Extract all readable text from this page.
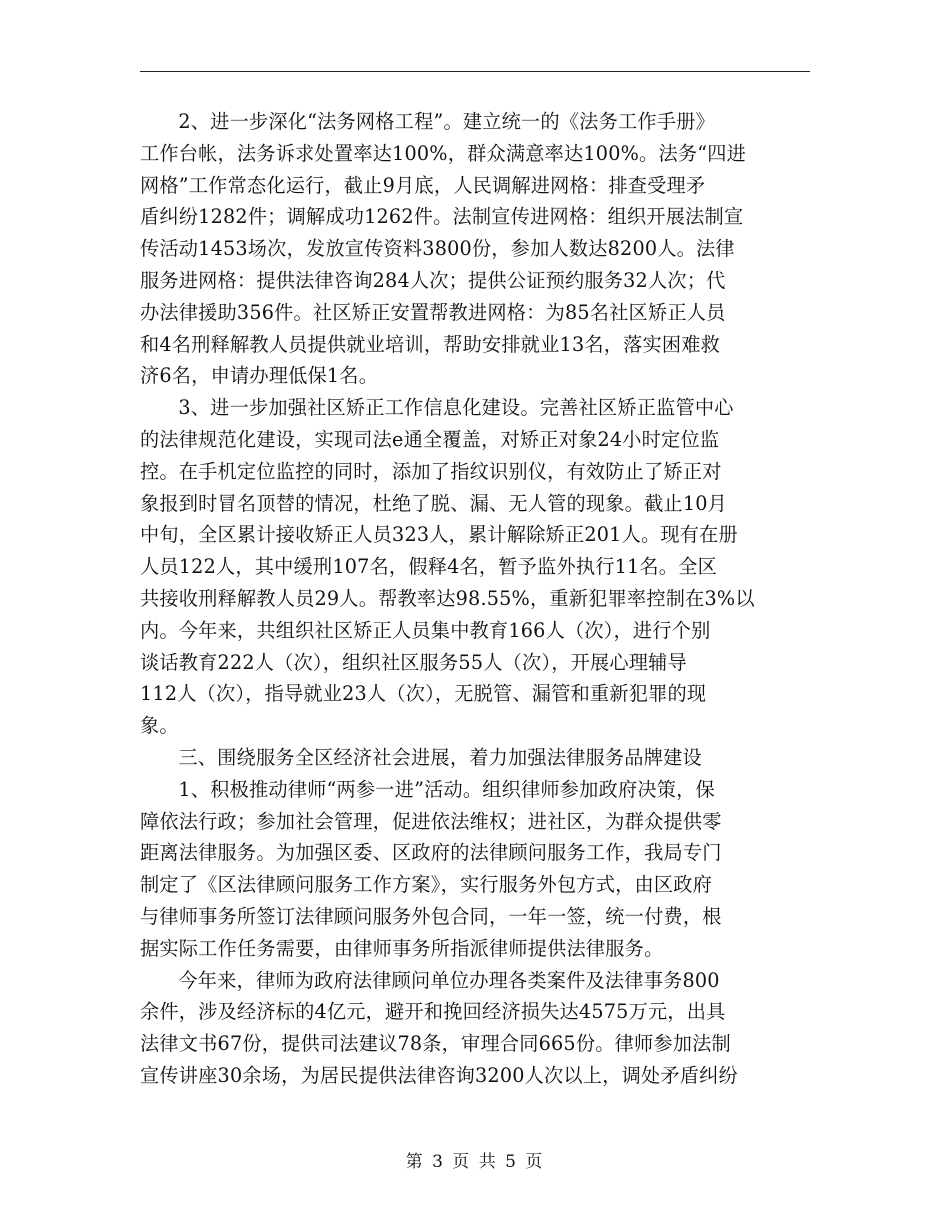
2、进一步深化“法务网格工程”。建立统一的《法务工作手册》
工作台帐，法务诉求处置率达100%，群众满意率达100%。法务“四进
网格”工作常态化运行，截止9月底，人民调解进网格：排查受理矛
盾纠纷1282件；调解成功1262件。法制宣传进网格：组织开展法制宣
传活动1453场次，发放宣传资料3800份，参加人数达8200人。法律
服务进网格：提供法律咨询284人次；提供公证预约服务32人次；代
办法律援助356件。社区矫正安置帮教进网格：为85名社区矫正人员
和4名刑释解教人员提供就业培训，帮助安排就业13名，落实困难救
济6名，申请办理低保1名。

3、进一步加强社区矫正工作信息化建设。完善社区矫正监管中心
的法律规范化建设，实现司法e通全覆盖，对矫正对象24小时定位监
控。在手机定位监控的同时，添加了指纹识别仪，有效防止了矫正对
象报到时冒名顶替的情况，杜绝了脱、漏、无人管的现象。截止10月
中旬，全区累计接收矫正人员323人，累计解除矫正201人。现有在册
人员122人，其中缓刑107名，假释4名，暂予监外执行11名。全区
共接收刑释解教人员29人。帮教率达98.55%，重新犯罪率控制在3%以
内。今年来，共组织社区矫正人员集中教育166人（次），进行个别
谈话教育222人（次），组织社区服务55人（次），开展心理辅导
112人（次），指导就业23人（次），无脱管、漏管和重新犯罪的现
象。

三、围绕服务全区经济社会进展，着力加强法律服务品牌建设

1、积极推动律师“两参一进”活动。组织律师参加政府决策，保
障依法行政；参加社会管理，促进依法维权；进社区，为群众提供零
距离法律服务。为加强区委、区政府的法律顾问服务工作，我局专门
制定了《区法律顾问服务工作方案》，实行服务外包方式，由区政府
与律师事务所签订法律顾问服务外包合同，一年一签，统一付费，根
据实际工作任务需要，由律师事务所指派律师提供法律服务。

今年来，律师为政府法律顾问单位办理各类案件及法律事务800
余件，涉及经济标的4亿元，避开和挽回经济损失达4575万元，出具
法律文书67份，提供司法建议78条，审理合同665份。律师参加法制
宣传讲座30余场，为居民提供法律咨询3200人次以上，调处矛盾纠纷

第 3 页 共 5 页
